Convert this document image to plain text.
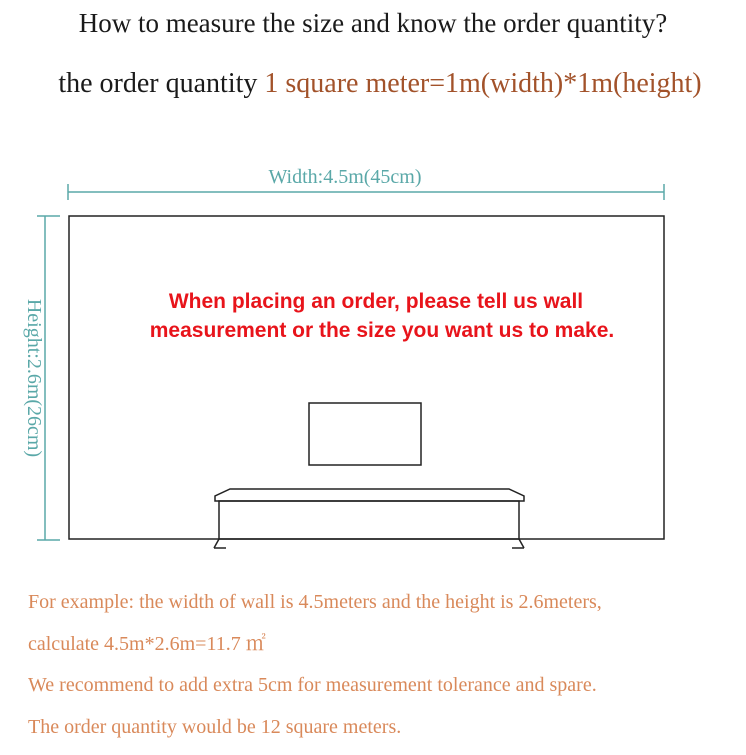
How to measure the size and know the order quantity?
the order quantity 1 square meter=1m(width)*1m(height)
Width:4.5m(45cm)
Height:2.6m(26cm)	When placing an order, please tell us wall
measurement or the size you want us to make.
For example: the width of wall is 4.5meters and the height is 2.6meters,
calculate 4.5m*2.6m=11.7 ㎡
We recommend to add extra 5cm for measurement tolerance and spare.
The order quantity would be 12 square meters.
